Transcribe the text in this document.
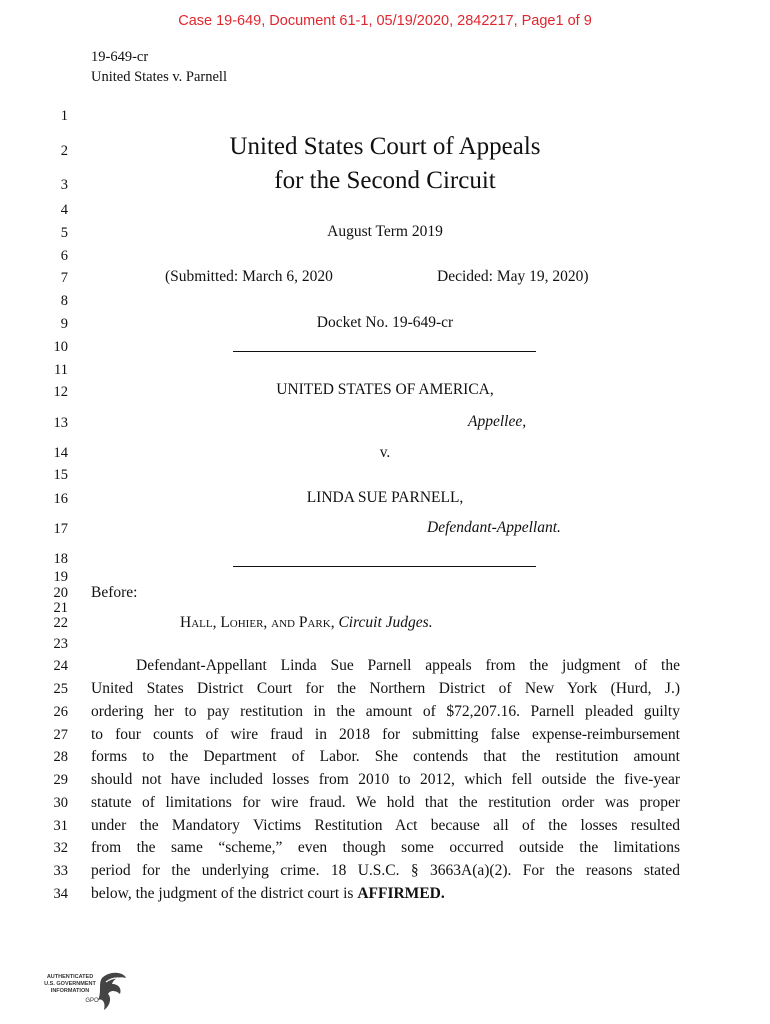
Case 19-649, Document 61-1, 05/19/2020, 2842217, Page1 of 9
19-649-cr
United States v. Parnell
1
2
3
4
5
6
7
8
9
10
11
12
13
14
15
16
17
18
19
20
21
22
23
24
25
26
27
28
29
30
31
32
33
34
United States Court of Appeals
for the Second Circuit
August Term 2019
(Submitted: March 6, 2020	Decided: May 19, 2020)
Docket No. 19-649-cr
UNITED STATES OF AMERICA,
Appellee,
v.
LINDA SUE PARNELL,
Defendant-Appellant.
Before:
Hall, Lohier, and Park, Circuit Judges.
Defendant-Appellant Linda Sue Parnell appeals from the judgment of the
United States District Court for the Northern District of New York (Hurd, J.)
ordering her to pay restitution in the amount of $72,207.16. Parnell pleaded guilty
to four counts of wire fraud in 2018 for submitting false expense-reimbursement
forms to the Department of Labor. She contends that the restitution amount
should not have included losses from 2010 to 2012, which fell outside the five-year
statute of limitations for wire fraud. We hold that the restitution order was proper
under the Mandatory Victims Restitution Act because all of the losses resulted
from the same “scheme,” even though some occurred outside the limitations
period for the underlying crime. 18 U.S.C. § 3663A(a)(2). For the reasons stated
below, the judgment of the district court is AFFIRMED.
AUTHENTICATED
U.S. GOVERNMENT
INFORMATION
GPO
